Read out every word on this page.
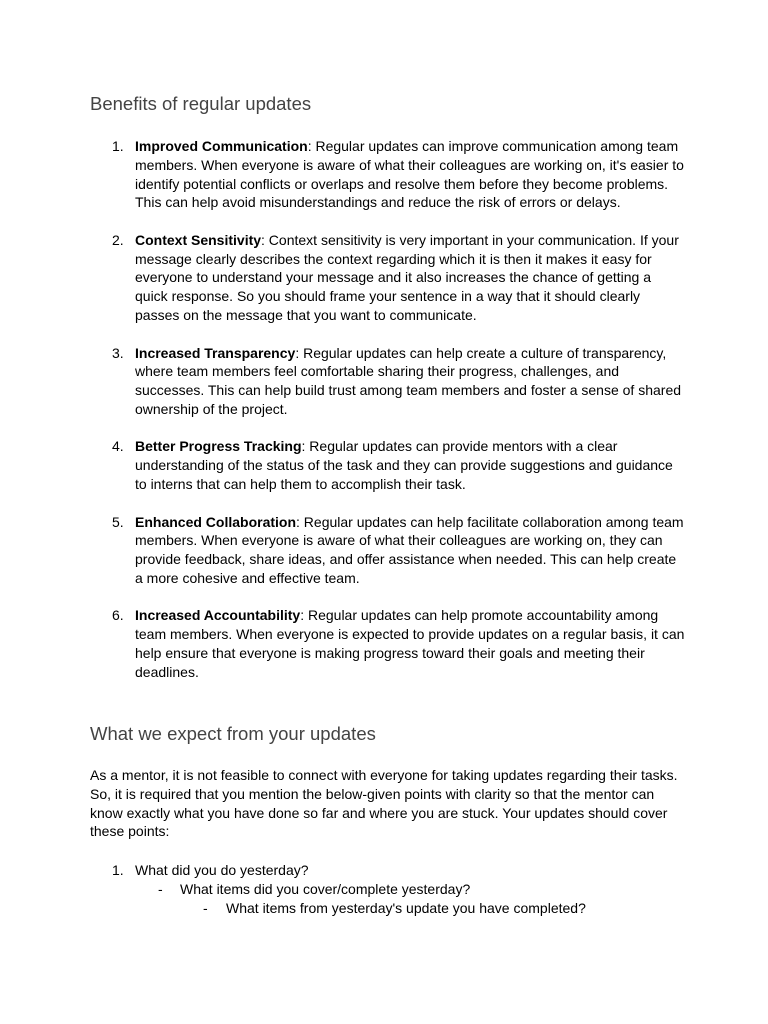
Benefits of regular updates
1. Improved Communication: Regular updates can improve communication among team members. When everyone is aware of what their colleagues are working on, it's easier to identify potential conflicts or overlaps and resolve them before they become problems. This can help avoid misunderstandings and reduce the risk of errors or delays.
2. Context Sensitivity: Context sensitivity is very important in your communication. If your message clearly describes the context regarding which it is then it makes it easy for everyone to understand your message and it also increases the chance of getting a quick response. So you should frame your sentence in a way that it should clearly passes on the message that you want to communicate.
3. Increased Transparency: Regular updates can help create a culture of transparency, where team members feel comfortable sharing their progress, challenges, and successes. This can help build trust among team members and foster a sense of shared ownership of the project.
4. Better Progress Tracking: Regular updates can provide mentors with a clear understanding of the status of the task and they can provide suggestions and guidance to interns that can help them to accomplish their task.
5. Enhanced Collaboration: Regular updates can help facilitate collaboration among team members. When everyone is aware of what their colleagues are working on, they can provide feedback, share ideas, and offer assistance when needed. This can help create a more cohesive and effective team.
6. Increased Accountability: Regular updates can help promote accountability among team members. When everyone is expected to provide updates on a regular basis, it can help ensure that everyone is making progress toward their goals and meeting their deadlines.
What we expect from your updates

As a mentor, it is not feasible to connect with everyone for taking updates regarding their tasks. So, it is required that you mention the below-given points with clarity so that the mentor can know exactly what you have done so far and where you are stuck. Your updates should cover these points:

1. What did you do yesterday?
- What items did you cover/complete yesterday?
- What items from yesterday's update you have completed?
